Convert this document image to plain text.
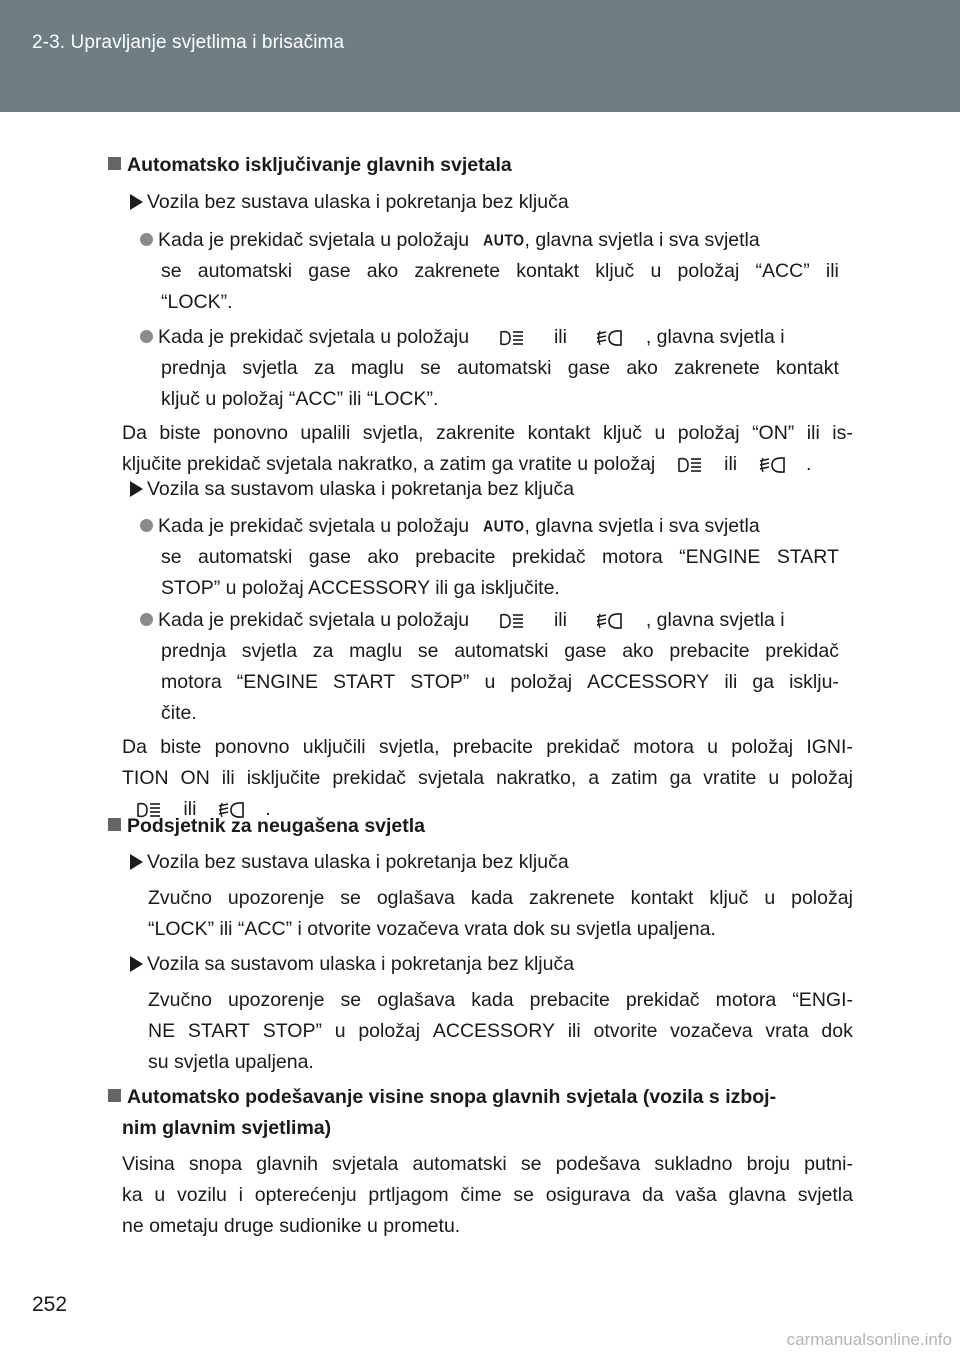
2-3. Upravljanje svjetlima i brisačima
Automatsko isključivanje glavnih svjetala
Vozila bez sustava ulaska i pokretanja bez ključa
Kada je prekidač svjetala u položaju AUTO, glavna svjetla i sva svjetla
se automatski gase ako zakrenete kontakt ključ u položaj “ACC” ili
“LOCK”.
Kada je prekidač svjetala u položaju	ili	, glavna svjetla i
prednja svjetla za maglu se automatski gase ako zakrenete kontakt
ključ u položaj “ACC” ili “LOCK”.
Da biste ponovno upalili svjetla, zakrenite kontakt ključ u položaj “ON” ili is-
ključite prekidač svjetala nakratko, a zatim ga vratite u položaj	ili	.
Vozila sa sustavom ulaska i pokretanja bez ključa
Kada je prekidač svjetala u položaju AUTO, glavna svjetla i sva svjetla
se automatski gase ako prebacite prekidač motora “ENGINE START
STOP” u položaj ACCESSORY ili ga isključite.
Kada je prekidač svjetala u položaju	ili	, glavna svjetla i
prednja svjetla za maglu se automatski gase ako prebacite prekidač
motora “ENGINE START STOP” u položaj ACCESSORY ili ga isklju-
čite.
Da biste ponovno uključili svjetla, prebacite prekidač motora u položaj IGNI-
TION ON ili isključite prekidač svjetala nakratko, a zatim ga vratite u položaj
ili	.
Podsjetnik za neugašena svjetla
Vozila bez sustava ulaska i pokretanja bez ključa
Zvučno upozorenje se oglašava kada zakrenete kontakt ključ u položaj
“LOCK” ili “ACC” i otvorite vozačeva vrata dok su svjetla upaljena.
Vozila sa sustavom ulaska i pokretanja bez ključa
Zvučno upozorenje se oglašava kada prebacite prekidač motora “ENGI-
NE START STOP” u položaj ACCESSORY ili otvorite vozačeva vrata dok
su svjetla upaljena.
Automatsko podešavanje visine snopa glavnih svjetala (vozila s izboj-
nim glavnim svjetlima)
Visina snopa glavnih svjetala automatski se podešava sukladno broju putni-
ka u vozilu i opterećenju prtljagom čime se osigurava da vaša glavna svjetla
ne ometaju druge sudionike u prometu.
252
carmanualsonline.info
